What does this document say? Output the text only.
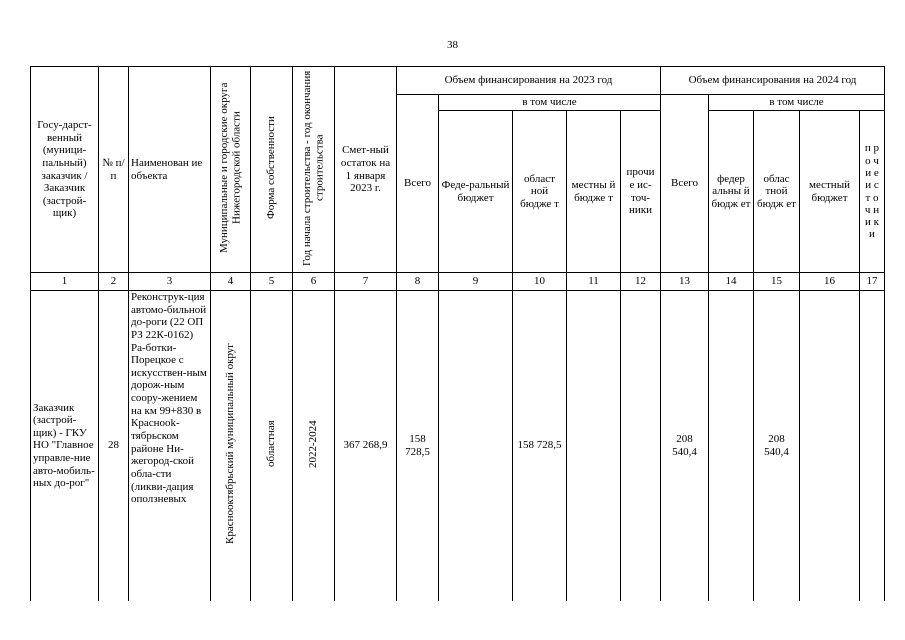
38
Госу-дарст-венный (муници-пальный) заказчик / Заказчик (застрой-щик)	№ п/п	Наименован ие объекта	Муниципальные и городские округа Нижегородской области	Форма собственности	Год начала строительства - год окончания строительства	Смет-ный остаток на 1 января 2023 г.	Объем финансирования на 2023 год					Объем финансирования на 2024 год				
							Всего	в том числе				Всего	в том числе			
								Феде-ральный бюджет	област ной бюдже т	местны й бюдже т	прочи е ис-точ-ники		федер альны й бюдж ет	облас тной бюдж ет	местный бюджет	п р о ч и е и с т о ч н и к и

1	2	3	4	5	6	7	8	9	10	11	12	13	14	15	16	17
Заказчик (застрой-щик) - ГКУ НО "Главное управле-ние авто-мобиль-ных до-рог"	28	Реконструк-ция автомо-бильной до-роги (22 ОП РЗ 22К-0162) Ра-ботки-Порецкое с искусствен-ным дорож-ным соору-жением на км 99+830 в Краснооk-тябрьском районе Ни-жегород-ской обла-сти (ликви-дация оползневых	Краснооктябрьский муниципальный округ	областная	2022-2024	367 268,9	158 728,5		158 728,5			208 540,4		208 540,4		
